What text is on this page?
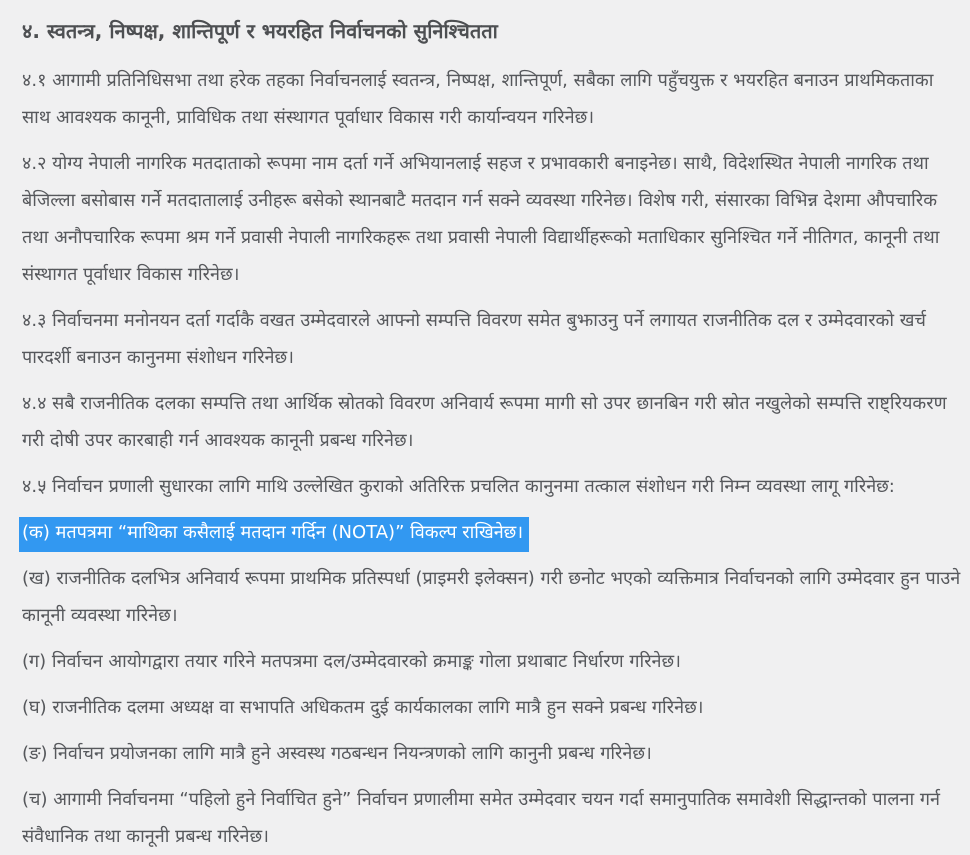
४. स्वतन्त्र, निष्पक्ष, शान्तिपूर्ण र भयरहित निर्वाचनको सुनिश्चितता

४.१ आगामी प्रतिनिधिसभा तथा हरेक तहका निर्वाचनलाई स्वतन्त्र, निष्पक्ष, शान्तिपूर्ण, सबैका लागि पहुँचयुक्त र भयरहित बनाउन प्राथमिकताका साथ आवश्यक कानूनी, प्राविधिक तथा संस्थागत पूर्वाधार विकास गरी कार्यान्वयन गरिनेछ।

४.२ योग्य नेपाली नागरिक मतदाताको रूपमा नाम दर्ता गर्ने अभियानलाई सहज र प्रभावकारी बनाइनेछ। साथै, विदेशस्थित नेपाली नागरिक तथा बेजिल्ला बसोबास गर्ने मतदातालाई उनीहरू बसेको स्थानबाटै मतदान गर्न सक्ने व्यवस्था गरिनेछ। विशेष गरी, संसारका विभिन्न देशमा औपचारिक तथा अनौपचारिक रूपमा श्रम गर्ने प्रवासी नेपाली नागरिकहरू तथा प्रवासी नेपाली विद्यार्थीहरूको मताधिकार सुनिश्चित गर्ने नीतिगत, कानूनी तथा संस्थागत पूर्वाधार विकास गरिनेछ।

४.३ निर्वाचनमा मनोनयन दर्ता गर्दाकै वखत उम्मेदवारले आफ्नो सम्पत्ति विवरण समेत बुझाउनु पर्ने लगायत राजनीतिक दल र उम्मेदवारको खर्च पारदर्शी बनाउन कानुनमा संशोधन गरिनेछ।

४.४ सबै राजनीतिक दलका सम्पत्ति तथा आर्थिक स्रोतको विवरण अनिवार्य रूपमा मागी सो उपर छानबिन गरी स्रोत नखुलेको सम्पत्ति राष्ट्रियकरण गरी दोषी उपर कारबाही गर्न आवश्यक कानूनी प्रबन्ध गरिनेछ।

४.५ निर्वाचन प्रणाली सुधारका लागि माथि उल्लेखित कुराको अतिरिक्त प्रचलित कानुनमा तत्काल संशोधन गरी निम्न व्यवस्था लागू गरिनेछ:

(क) मतपत्रमा “माथिका कसैलाई मतदान गर्दिन (NOTA)” विकल्प राखिनेछ।

(ख) राजनीतिक दलभित्र अनिवार्य रूपमा प्राथमिक प्रतिस्पर्धा (प्राइमरी इलेक्सन) गरी छनोट भएको व्यक्तिमात्र निर्वाचनको लागि उम्मेदवार हुन पाउने कानूनी व्यवस्था गरिनेछ।

(ग) निर्वाचन आयोगद्वारा तयार गरिने मतपत्रमा दल/उम्मेदवारको क्रमाङ्क गोला प्रथाबाट निर्धारण गरिनेछ।

(घ) राजनीतिक दलमा अध्यक्ष वा सभापति अधिकतम दुई कार्यकालका लागि मात्रै हुन सक्ने प्रबन्ध गरिनेछ।

(ङ) निर्वाचन प्रयोजनका लागि मात्रै हुने अस्वस्थ गठबन्धन नियन्त्रणको लागि कानुनी प्रबन्ध गरिनेछ।

(च) आगामी निर्वाचनमा “पहिलो हुने निर्वाचित हुने” निर्वाचन प्रणालीमा समेत उम्मेदवार चयन गर्दा समानुपातिक समावेशी सिद्धान्तको पालना गर्न संवैधानिक तथा कानूनी प्रबन्ध गरिनेछ।
